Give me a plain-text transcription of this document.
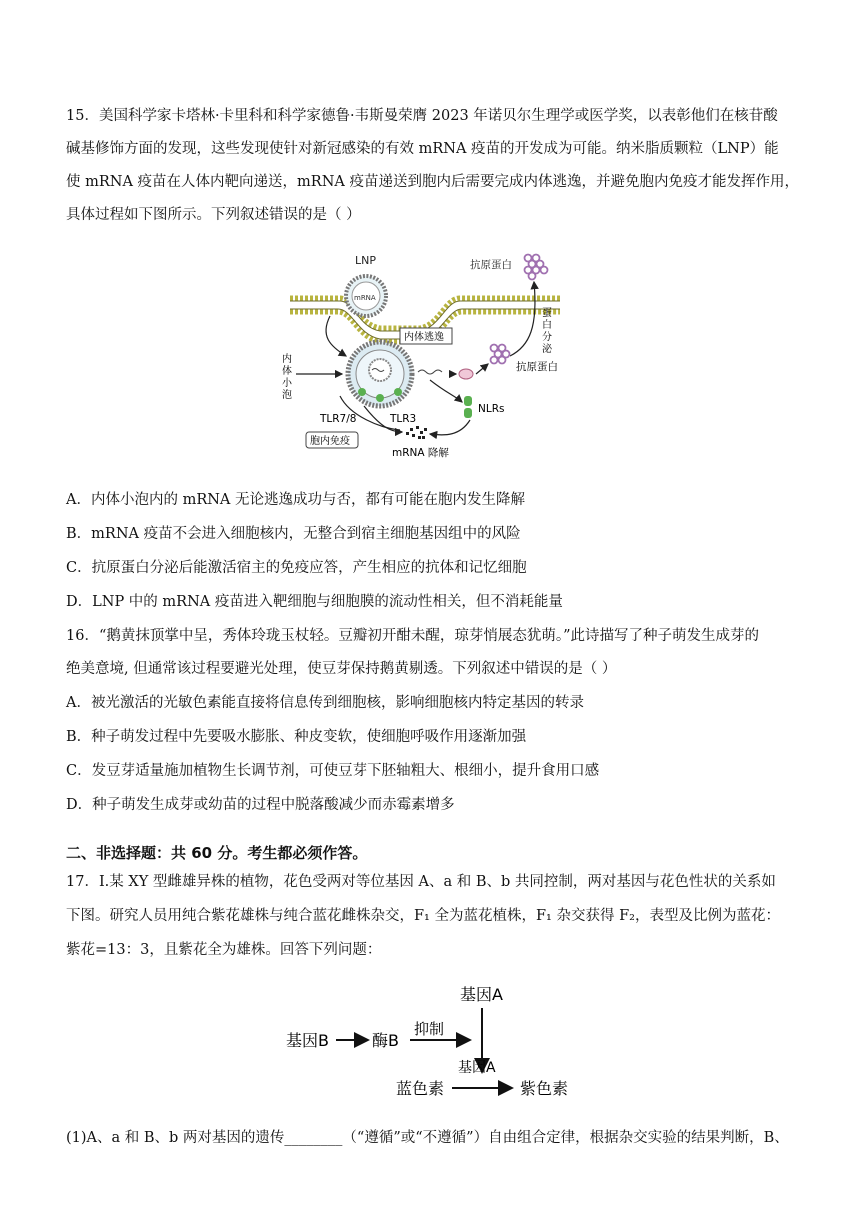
15．美国科学家卡塔林·卡里科和科学家德鲁·韦斯曼荣膺 2023 年诺贝尔生理学或医学奖，以表彰他们在核苷酸
碱基修饰方面的发现，这些发现使针对新冠感染的有效 mRNA 疫苗的开发成为可能。纳米脂质颗粒（LNP）能
使 mRNA 疫苗在人体内靶向递送，mRNA 疫苗递送到胞内后需要完成内体逃逸，并避免胞内免疫才能发挥作用，
具体过程如下图所示。下列叙述错误的是（ ）
LNP
mRNA
抗原蛋白
蛋
白
分
泌
内体逃逸
内
体
小
泡
抗原蛋白
NLRs
TLR7/8	TLR3
胞内免疫
mRNA 降解
A．内体小泡内的 mRNA 无论逃逸成功与否，都有可能在胞内发生降解
B．mRNA 疫苗不会进入细胞核内，无整合到宿主细胞基因组中的风险
C．抗原蛋白分泌后能激活宿主的免疫应答，产生相应的抗体和记忆细胞
D．LNP 中的 mRNA 疫苗进入靶细胞与细胞膜的流动性相关，但不消耗能量
16．“鹅黄抹顶掌中呈，秀体玲珑玉杖轻。豆瓣初开酣未醒，琼芽悄展态犹萌。”此诗描写了种子萌发生成芽的
绝美意境, 但通常该过程要避光处理，使豆芽保持鹅黄剔透。下列叙述中错误的是（ ）
A．被光激活的光敏色素能直接将信息传到细胞核，影响细胞核内特定基因的转录
B．种子萌发过程中先要吸水膨胀、种皮变软，使细胞呼吸作用逐渐加强
C．发豆芽适量施加植物生长调节剂，可使豆芽下胚轴粗大、根细小，提升食用口感
D．种子萌发生成芽或幼苗的过程中脱落酸减少而赤霉素增多
二、非选择题：共 60 分。考生都必须作答。
17．Ⅰ.某 XY 型雌雄异株的植物，花色受两对等位基因 A、a 和 B、b 共同控制，两对基因与花色性状的关系如
下图。研究人员用纯合紫花雄株与纯合蓝花雌株杂交，F₁ 全为蓝花植株，F₁ 杂交获得 F₂，表型及比例为蓝花：
紫花=13：3，且紫花全为雄株。回答下列问题：
基因A
基因B	酶B
抑制
蓝色素
基因A
紫色素
(1)A、a 和 B、b 两对基因的遗传________（“遵循”或“不遵循”）自由组合定律，根据杂交实验的结果判断，B、
